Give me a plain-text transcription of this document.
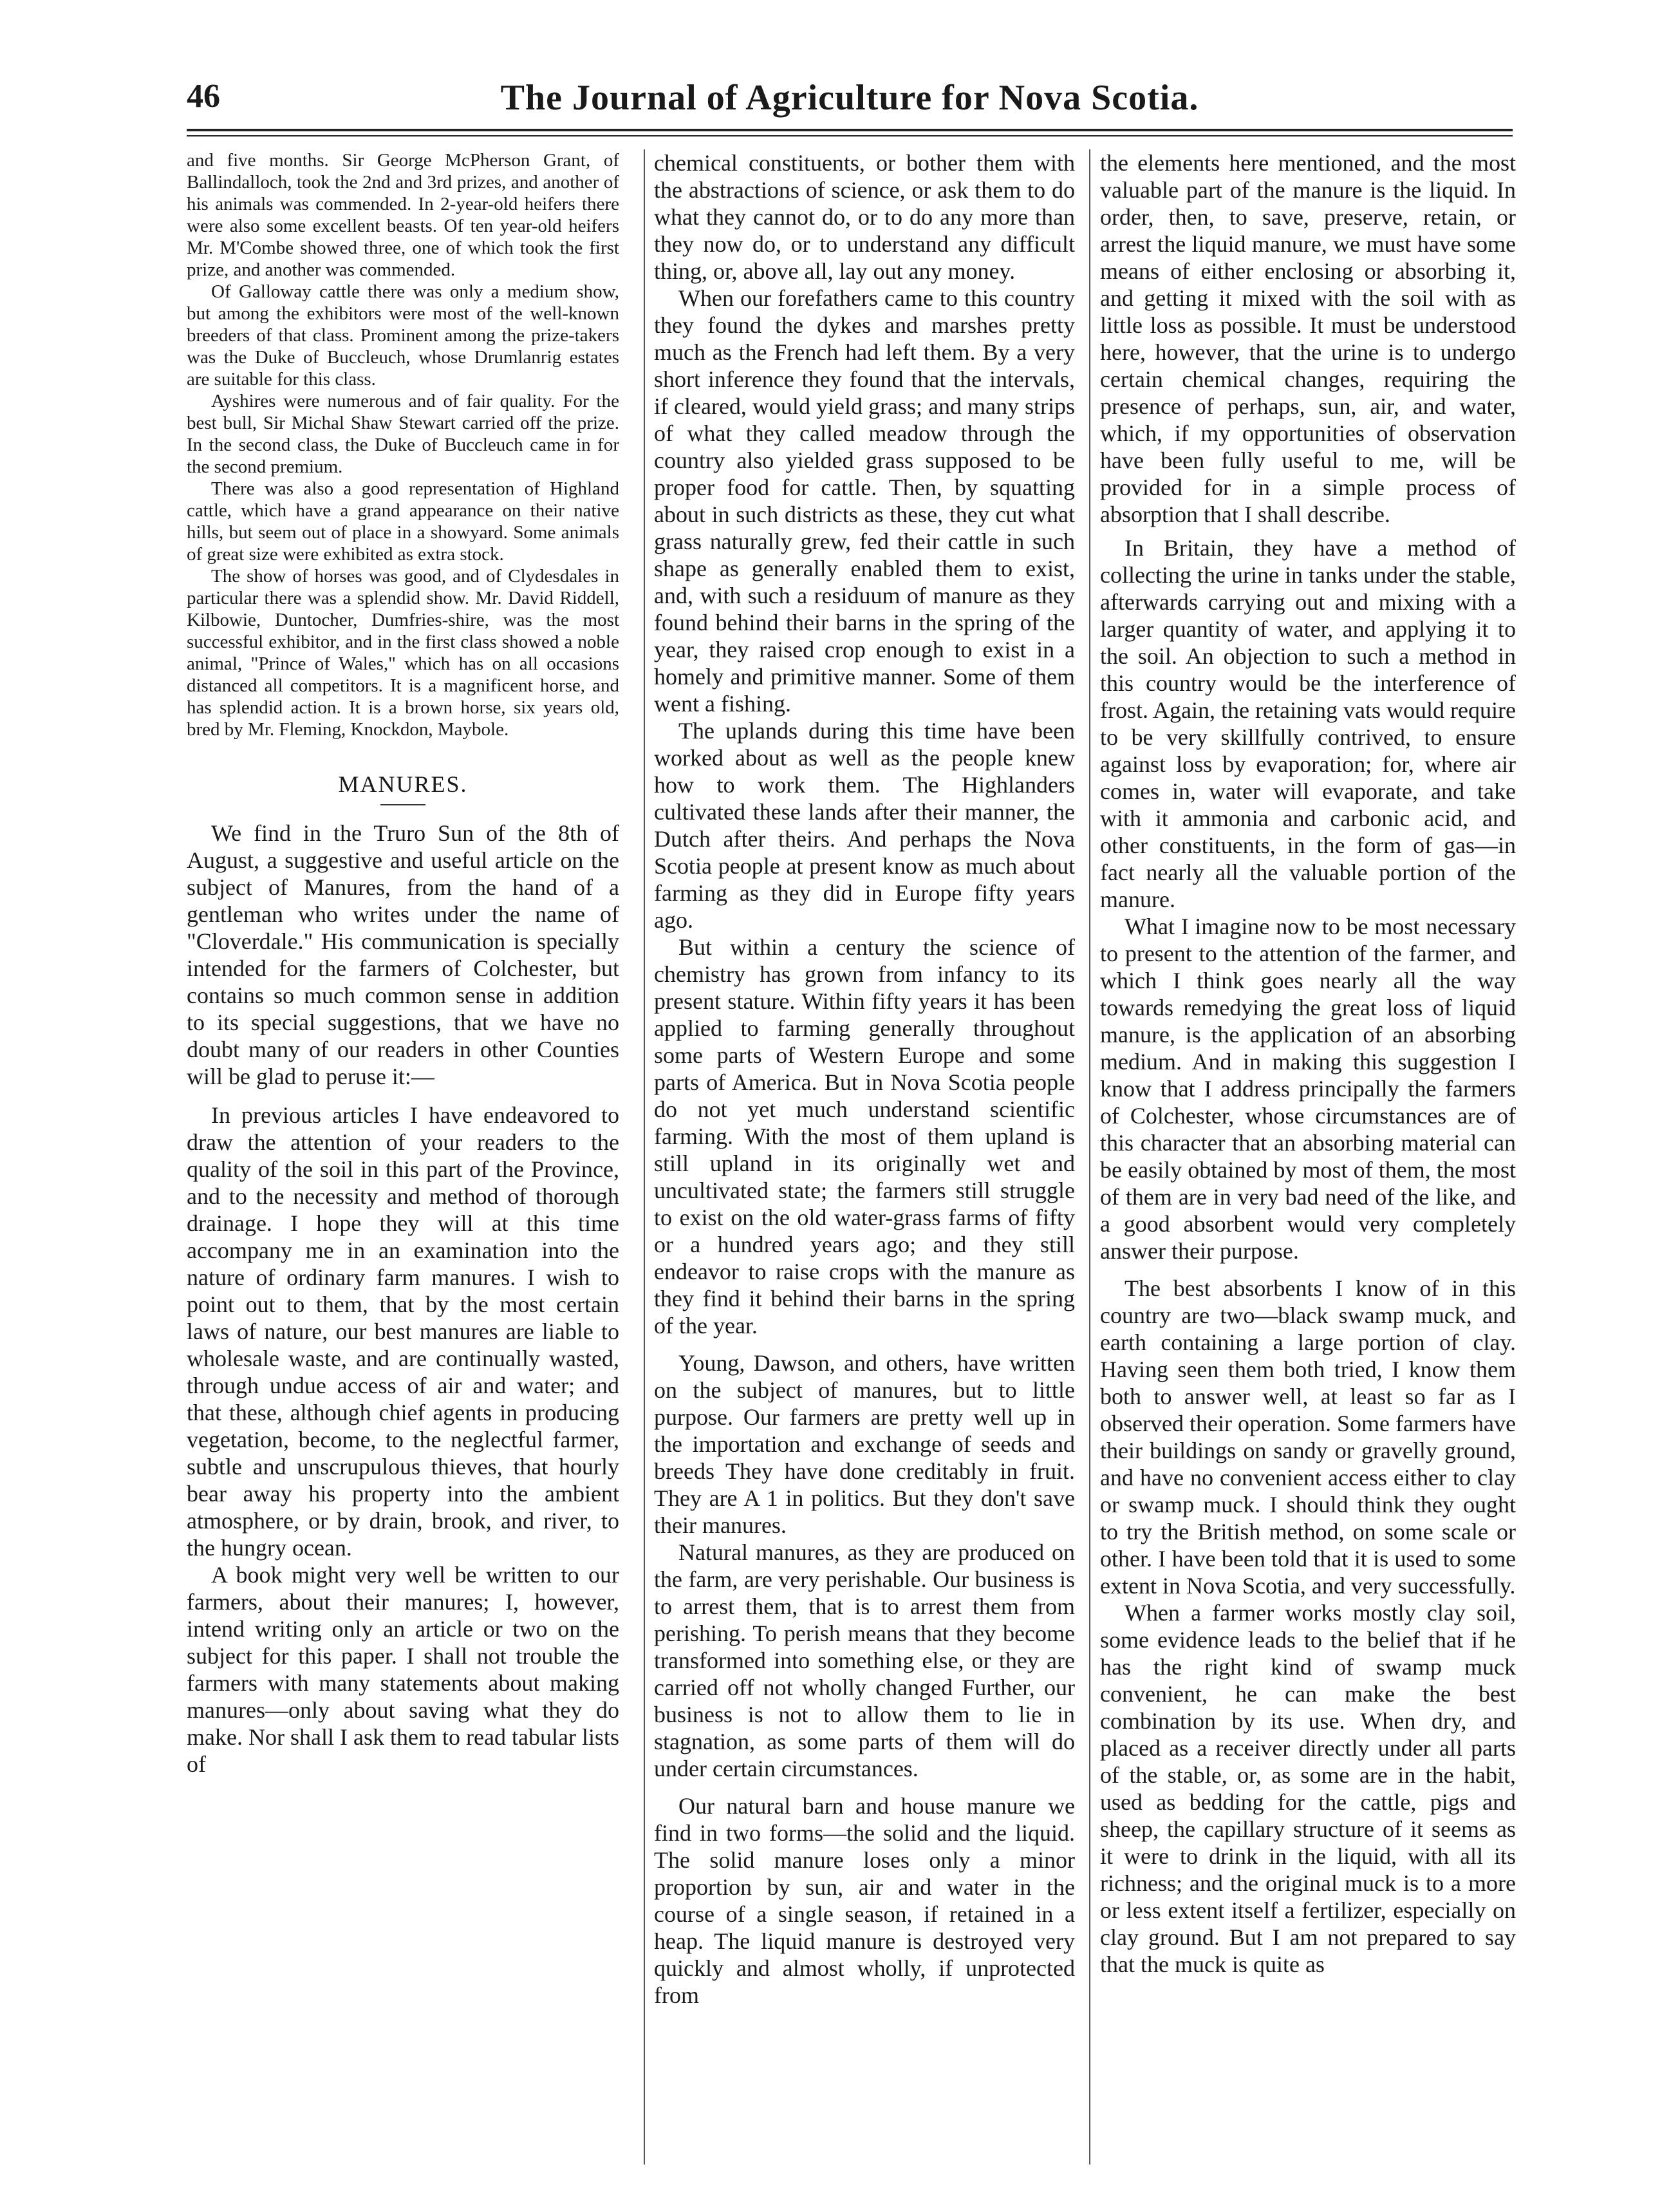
46	The Journal of Agriculture for Nova Scotia.

and five months. Sir George McPherson Grant, of Ballindalloch, took the 2nd and 3rd prizes, and another of his animals was commended. In 2-year-old heifers there were also some excellent beasts. Of ten year-old heifers Mr. M'Combe showed three, one of which took the first prize, and another was commended.

Of Galloway cattle there was only a medium show, but among the exhibitors were most of the well-known breeders of that class. Prominent among the prize-takers was the Duke of Buccleuch, whose Drumlanrig estates are suitable for this class.

Ayshires were numerous and of fair quality. For the best bull, Sir Michal Shaw Stewart carried off the prize. In the second class, the Duke of Buccleuch came in for the second premium.

There was also a good representation of Highland cattle, which have a grand appearance on their native hills, but seem out of place in a showyard. Some animals of great size were exhibited as extra stock.

The show of horses was good, and of Clydesdales in particular there was a splendid show. Mr. David Riddell, Kilbowie, Duntocher, Dumfries-shire, was the most successful exhibitor, and in the first class showed a noble animal, "Prince of Wales," which has on all occasions distanced all competitors. It is a magnificent horse, and has splendid action. It is a brown horse, six years old, bred by Mr. Fleming, Knockdon, Maybole.

MANURES.

We find in the Truro Sun of the 8th of August, a suggestive and useful article on the subject of Manures, from the hand of a gentleman who writes under the name of "Cloverdale." His communication is specially intended for the farmers of Colchester, but contains so much common sense in addition to its special suggestions, that we have no doubt many of our readers in other Counties will be glad to peruse it:—

In previous articles I have endeavored to draw the attention of your readers to the quality of the soil in this part of the Province, and to the necessity and method of thorough drainage. I hope they will at this time accompany me in an examination into the nature of ordinary farm manures. I wish to point out to them, that by the most certain laws of nature, our best manures are liable to wholesale waste, and are continually wasted, through undue access of air and water; and that these, although chief agents in producing vegetation, become, to the neglectful farmer, subtle and unscrupulous thieves, that hourly bear away his property into the ambient atmosphere, or by drain, brook, and river, to the hungry ocean.

A book might very well be written to our farmers, about their manures; I, however, intend writing only an article or two on the subject for this paper. I shall not trouble the farmers with many statements about making manures—only about saving what they do make. Nor shall I ask them to read tabular lists of

chemical constituents, or bother them with the abstractions of science, or ask them to do what they cannot do, or to do any more than they now do, or to understand any difficult thing, or, above all, lay out any money.

When our forefathers came to this country they found the dykes and marshes pretty much as the French had left them. By a very short inference they found that the intervals, if cleared, would yield grass; and many strips of what they called meadow through the country also yielded grass supposed to be proper food for cattle. Then, by squatting about in such districts as these, they cut what grass naturally grew, fed their cattle in such shape as generally enabled them to exist, and, with such a residuum of manure as they found behind their barns in the spring of the year, they raised crop enough to exist in a homely and primitive manner. Some of them went a fishing.

The uplands during this time have been worked about as well as the people knew how to work them. The Highlanders cultivated these lands after their manner, the Dutch after theirs. And perhaps the Nova Scotia people at present know as much about farming as they did in Europe fifty years ago.

But within a century the science of chemistry has grown from infancy to its present stature. Within fifty years it has been applied to farming generally throughout some parts of Western Europe and some parts of America. But in Nova Scotia people do not yet much understand scientific farming. With the most of them upland is still upland in its originally wet and uncultivated state; the farmers still struggle to exist on the old water-grass farms of fifty or a hundred years ago; and they still endeavor to raise crops with the manure as they find it behind their barns in the spring of the year.

Young, Dawson, and others, have written on the subject of manures, but to little purpose. Our farmers are pretty well up in the importation and exchange of seeds and breeds They have done creditably in fruit. They are A 1 in politics. But they don't save their manures.

Natural manures, as they are produced on the farm, are very perishable. Our business is to arrest them, that is to arrest them from perishing. To perish means that they become transformed into something else, or they are carried off not wholly changed Further, our business is not to allow them to lie in stagnation, as some parts of them will do under certain circumstances.

Our natural barn and house manure we find in two forms—the solid and the liquid. The solid manure loses only a minor proportion by sun, air and water in the course of a single season, if retained in a heap. The liquid manure is destroyed very quickly and almost wholly, if unprotected from

the elements here mentioned, and the most valuable part of the manure is the liquid. In order, then, to save, preserve, retain, or arrest the liquid manure, we must have some means of either enclosing or absorbing it, and getting it mixed with the soil with as little loss as possible. It must be understood here, however, that the urine is to undergo certain chemical changes, requiring the presence of perhaps, sun, air, and water, which, if my opportunities of observation have been fully useful to me, will be provided for in a simple process of absorption that I shall describe.

In Britain, they have a method of collecting the urine in tanks under the stable, afterwards carrying out and mixing with a larger quantity of water, and applying it to the soil. An objection to such a method in this country would be the interference of frost. Again, the retaining vats would require to be very skillfully contrived, to ensure against loss by evaporation; for, where air comes in, water will evaporate, and take with it ammonia and carbonic acid, and other constituents, in the form of gas—in fact nearly all the valuable portion of the manure.

What I imagine now to be most necessary to present to the attention of the farmer, and which I think goes nearly all the way towards remedying the great loss of liquid manure, is the application of an absorbing medium. And in making this suggestion I know that I address principally the farmers of Colchester, whose circumstances are of this character that an absorbing material can be easily obtained by most of them, the most of them are in very bad need of the like, and a good absorbent would very completely answer their purpose.

The best absorbents I know of in this country are two—black swamp muck, and earth containing a large portion of clay. Having seen them both tried, I know them both to answer well, at least so far as I observed their operation. Some farmers have their buildings on sandy or gravelly ground, and have no convenient access either to clay or swamp muck. I should think they ought to try the British method, on some scale or other. I have been told that it is used to some extent in Nova Scotia, and very successfully.

When a farmer works mostly clay soil, some evidence leads to the belief that if he has the right kind of swamp muck convenient, he can make the best combination by its use. When dry, and placed as a receiver directly under all parts of the stable, or, as some are in the habit, used as bedding for the cattle, pigs and sheep, the capillary structure of it seems as it were to drink in the liquid, with all its richness; and the original muck is to a more or less extent itself a fertilizer, especially on clay ground. But I am not prepared to say that the muck is quite as
